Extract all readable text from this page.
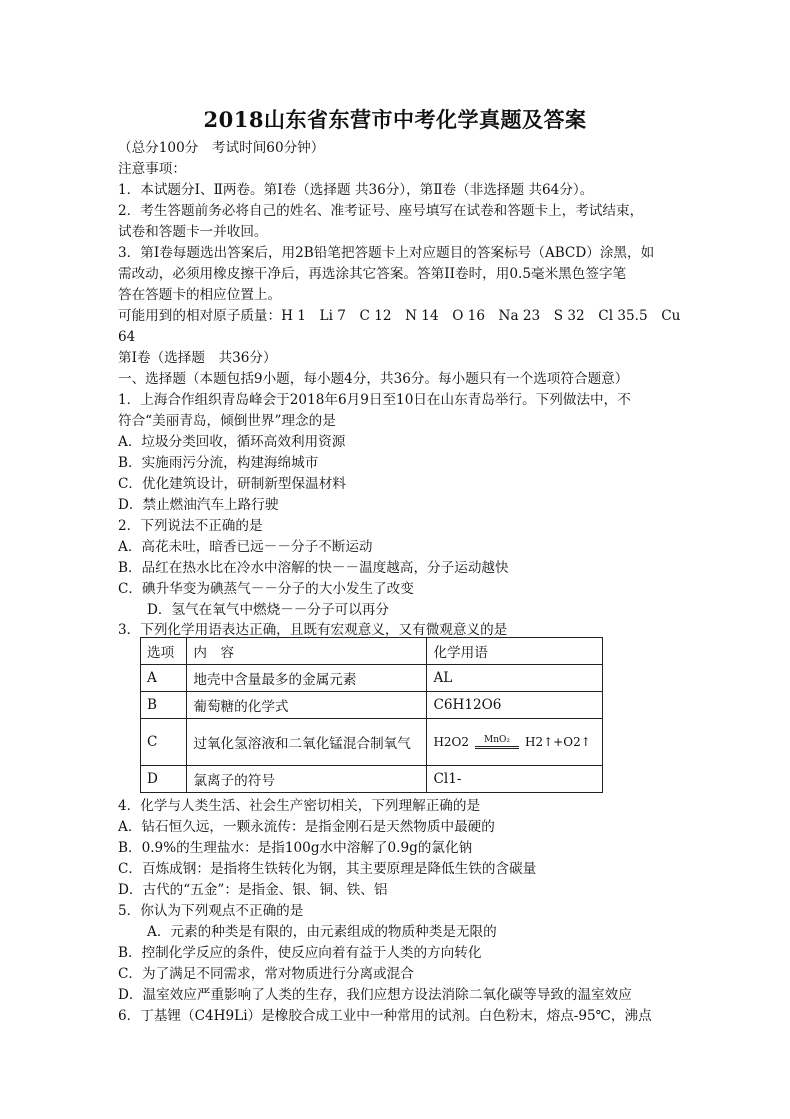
2018山东省东营市中考化学真题及答案
（总分100分　考试时间60分钟）
注意事项：
1．本试题分Ⅰ、Ⅱ两卷。第Ⅰ卷（选择题 共36分），第Ⅱ卷（非选择题 共64分）。
2．考生答题前务必将自己的姓名、准考证号、座号填写在试卷和答题卡上，考试结束，
试卷和答题卡一并收回。
3．第Ⅰ卷每题选出答案后，用2B铅笔把答题卡上对应题目的答案标号（ABCD）涂黑，如
需改动，必须用橡皮擦干净后，再选涂其它答案。答第II卷时，用0.5毫米黑色签字笔
答在答题卡的相应位置上。
可能用到的相对原子质量：H 1　Li 7　C 12　N 14　O 16　Na 23　S 32　Cl 35.5　Cu
64
第Ⅰ卷（选择题　共36分）
一、选择题（本题包括9小题，每小题4分，共36分。每小题只有一个选项符合题意）
1．上海合作组织青岛峰会于2018年6月9日至10日在山东青岛举行。下列做法中，不
符合“美丽青岛，倾倒世界”理念的是
A．垃圾分类回收，循环高效利用资源
B．实施雨污分流，构建海绵城市
C．优化建筑设计，研制新型保温材料
D．禁止燃油汽车上路行驶
2．下列说法不正确的是
A．高花未吐，暗香已远－－分子不断运动
B．品红在热水比在冷水中溶解的快－－温度越高，分子运动越快
C．碘升华变为碘蒸气－－分子的大小发生了改变
D．氢气在氧气中燃烧－－分子可以再分
3．下列化学用语表达正确，且既有宏观意义，又有微观意义的是
选项	内　容	化学用语
A	地壳中含量最多的金属元素	AL
B	葡萄糖的化学式	C6H12O6
C	过氧化氢溶液和二氧化锰混合制氧气	H2O2 MnO₂ H2↑+O2↑

D	氯离子的符号	Cl1-
4．化学与人类生活、社会生产密切相关，下列理解正确的是
A．钻石恒久远，一颗永流传：是指金刚石是天然物质中最硬的
B．0.9%的生理盐水：是指100g水中溶解了0.9g的氯化钠
C．百炼成钢：是指将生铁转化为钢，其主要原理是降低生铁的含碳量
D．古代的“五金”：是指金、银、铜、铁、铝
5．你认为下列观点不正确的是
A．元素的种类是有限的，由元素组成的物质种类是无限的
B．控制化学反应的条件，使反应向着有益于人类的方向转化
C．为了满足不同需求，常对物质进行分离或混合
D．温室效应严重影响了人类的生存，我们应想方设法消除二氧化碳等导致的温室效应
6．丁基锂（C4H9Li）是橡胶合成工业中一种常用的试剂。白色粉末，熔点-95℃，沸点
